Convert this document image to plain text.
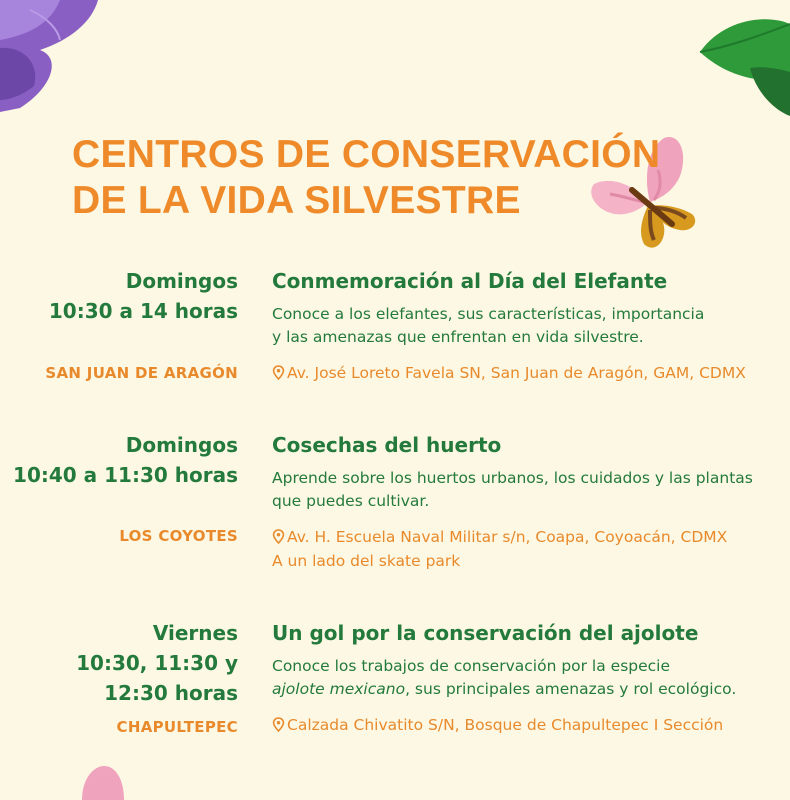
CENTROS DE CONSERVACIÓN
DE LA VIDA SILVESTRE
Domingos
10:30 a 14 horas
Conmemoración al Día del Elefante
Conoce a los elefantes, sus características, importancia
y las amenazas que enfrentan en vida silvestre.
SAN JUAN DE ARAGÓN	Av. José Loreto Favela SN, San Juan de Aragón, GAM, CDMX
Domingos
10:40 a 11:30 horas
Cosechas del huerto
Aprende sobre los huertos urbanos, los cuidados y las plantas
que puedes cultivar.
LOS COYOTES	Av. H. Escuela Naval Militar s/n, Coapa, Coyoacán, CDMX
A un lado del skate park
Viernes
10:30, 11:30 y
12:30 horas
Un gol por la conservación del ajolote
Conoce los trabajos de conservación por la especie
ajolote mexicano, sus principales amenazas y rol ecológico.
CHAPULTEPEC	Calzada Chivatito S/N, Bosque de Chapultepec I Sección
